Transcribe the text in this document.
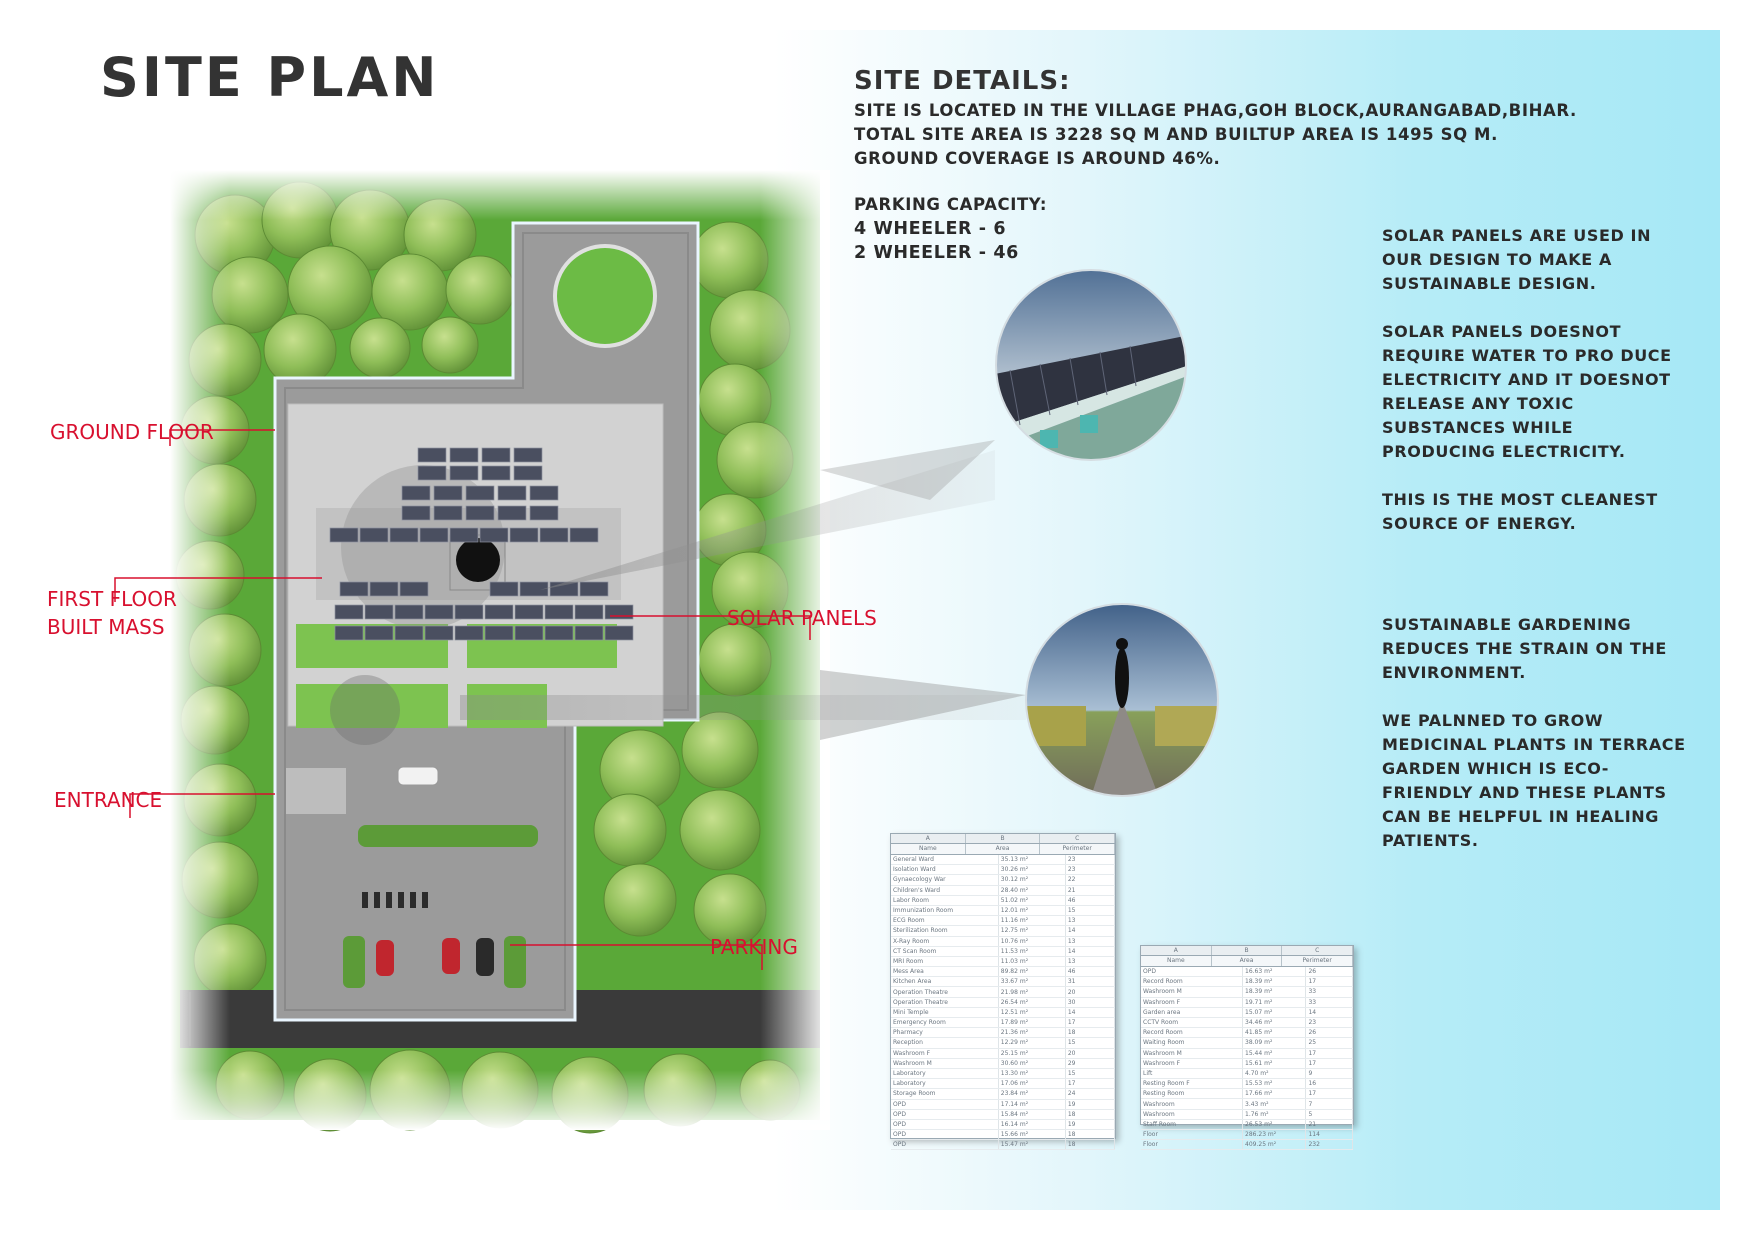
SITE PLAN	SITE DETAILS:
SITE IS LOCATED IN THE VILLAGE PHAG,GOH BLOCK,AURANGABAD,BIHAR.
TOTAL SITE AREA IS 3228 SQ M AND BUILTUP AREA IS 1495 SQ M.
GROUND COVERAGE IS AROUND 46%.
PARKING CAPACITY:
4 WHEELER - 6
2 WHEELER - 46

SOLAR PANELS ARE USED IN OUR DESIGN TO MAKE A SUSTAINABLE DESIGN.

SOLAR PANELS DOESNOT REQUIRE WATER TO PRO DUCE ELECTRICITY AND IT DOESNOT RELEASE ANY TOXIC SUBSTANCES WHILE PRODUCING ELECTRICITY.

THIS IS THE MOST CLEANEST SOURCE OF ENERGY.

SUSTAINABLE GARDENING REDUCES THE STRAIN ON THE ENVIRONMENT.

WE PALNNED TO GROW MEDICINAL PLANTS IN TERRACE GARDEN WHICH IS ECO-FRIENDLY AND THESE PLANTS CAN BE HELPFUL IN HEALING PATIENTS.

GROUND FLOOR
FIRST FLOOR
BUILT MASS	SOLAR PANELS
ENTRANCE
PARKING
A	B	C
Name	Area	Perimeter
General Ward	35.13 m²	23
Isolation Ward	30.26 m²	23
Gynaecology War	30.12 m²	22
Children's Ward	28.40 m²	21
Labor Room	51.02 m²	46
Immunization Room	12.01 m²	15
ECG Room	11.16 m²	13
Sterilization Room	12.75 m²	14
X-Ray Room	10.76 m²	13
CT Scan Room	11.53 m²	14
MRI Room	11.03 m²	13
Mess Area	89.82 m²	46
Kitchen Area	33.67 m²	31
Operation Theatre	21.98 m²	20
Operation Theatre	26.54 m²	30
Mini Temple	12.51 m²	14
Emergency Room	17.89 m²	17
Pharmacy	21.36 m²	18
Reception	12.29 m²	15
Washroom F	25.15 m²	20
Washroom M	30.60 m²	29
Laboratory	13.30 m²	15
Laboratory	17.06 m²	17
Storage Room	23.84 m²	24
OPD	17.14 m²	19
OPD	15.84 m²	18
OPD	16.14 m²	19
OPD	15.66 m²	18
OPD	15.47 m²	18
A	B	C
Name	Area	Perimeter
OPD	16.63 m²	26
Record Room	18.39 m²	17
Washroom M	18.39 m²	33
Washroom F	19.71 m²	33
Garden area	15.07 m²	14
CCTV Room	34.46 m²	23
Record Room	41.85 m²	26
Waiting Room	38.09 m²	25
Washroom M	15.44 m²	17
Washroom F	15.61 m²	17
Lift	4.70 m²	9
Resting Room F	15.53 m²	16
Resting Room	17.66 m²	17
Washroom	3.43 m²	7
Washroom	1.76 m²	5
Staff Room	26.53 m²	21
Floor	286.23 m²	114
Floor	409.25 m²	232
